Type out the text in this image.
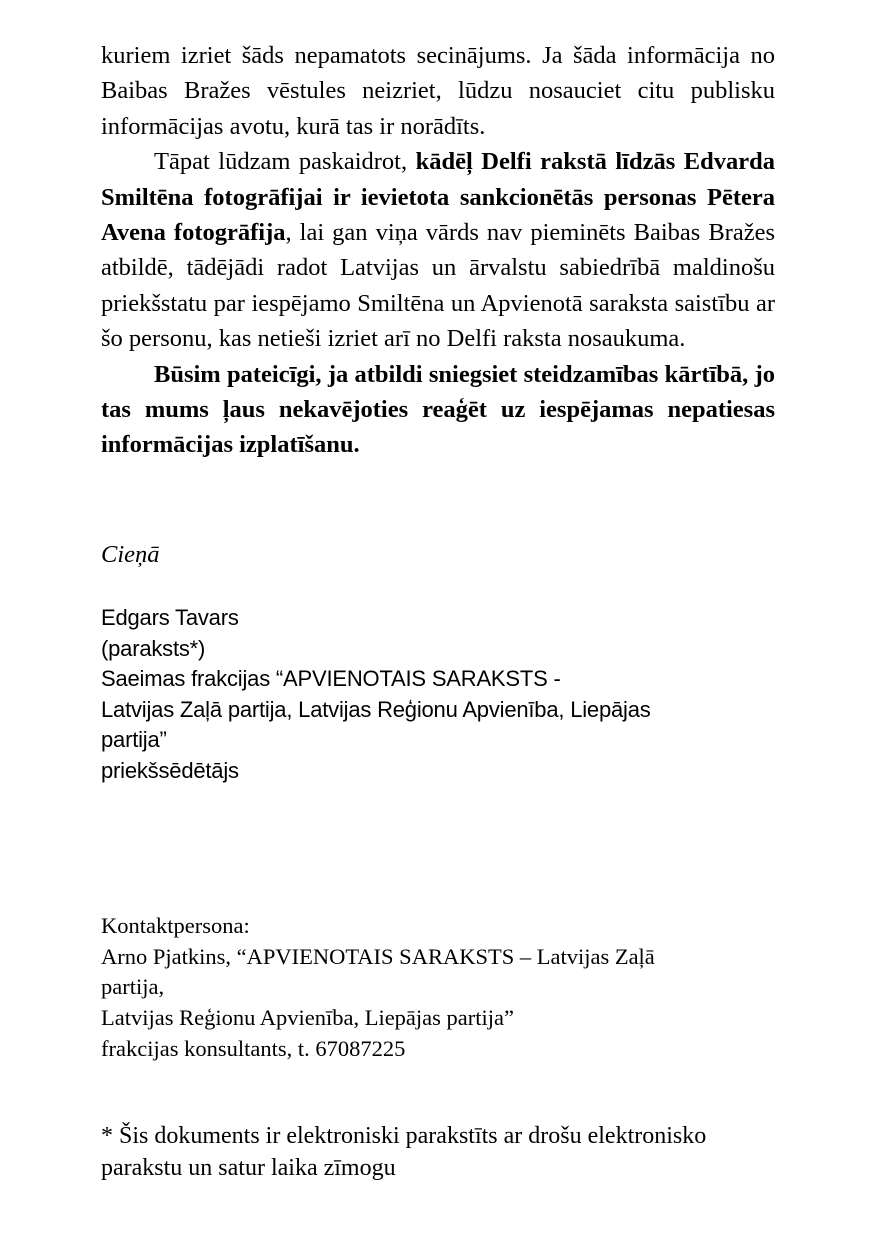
kuriem izriet šāds nepamatots secinājums. Ja šāda informācija no Baibas Bražes vēstules neizriet, lūdzu nosauciet citu publisku informācijas avotu, kurā tas ir norādīts.

Tāpat lūdzam paskaidrot, kādēļ Delfi rakstā līdzās Edvarda Smiltēna fotogrāfijai ir ievietota sankcionētās personas Pētera Avena fotogrāfija, lai gan viņa vārds nav pieminēts Baibas Bražes atbildē, tādējādi radot Latvijas un ārvalstu sabiedrībā maldinošu priekšstatu par iespējamo Smiltēna un Apvienotā saraksta saistību ar šo personu, kas netieši izriet arī no Delfi raksta nosaukuma.

Būsim pateicīgi, ja atbildi sniegsiet steidzamības kārtībā, jo tas mums ļaus nekavējoties reaģēt uz iespējamas nepatiesas informācijas izplatīšanu.

Cieņā
Edgars Tavars
(paraksts*)
Saeimas frakcijas “APVIENOTAIS SARAKSTS -
Latvijas Zaļā partija, Latvijas Reģionu Apvienība, Liepājas
partija”
priekšsēdētājs
Kontaktpersona:
Arno Pjatkins, “APVIENOTAIS SARAKSTS – Latvijas Zaļā
partija,
Latvijas Reģionu Apvienība, Liepājas partija”
frakcijas konsultants, t. 67087225
* Šis dokuments ir elektroniski parakstīts ar drošu elektronisko
parakstu un satur laika zīmogu
